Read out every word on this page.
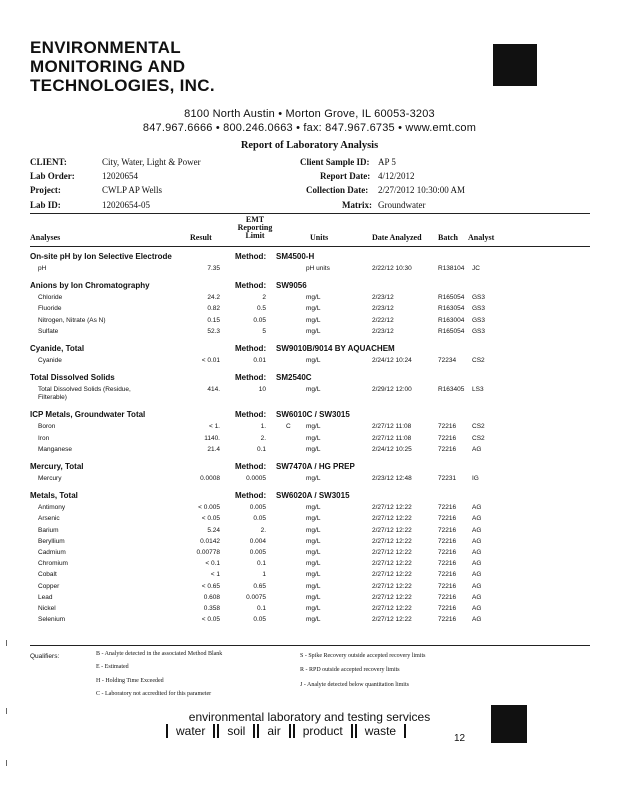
ENVIRONMENTAL
MONITORING AND
TECHNOLOGIES, INC.
8100 North Austin • Morton Grove, IL 60053-3203
847.967.6666 • 800.246.0663 • fax: 847.967.6735 • www.emt.com
Report of Laboratory Analysis
CLIENT:	City, Water, Light & Power
Lab Order:	12020654
Project:	CWLP AP Wells
Lab ID:	12020654-05
Client Sample ID: AP 5
Report Date: 4/12/2012
Collection Date: 2/27/2012 10:30:00 AM
Matrix: Groundwater
Analyses	Result
EMT
Reporting
Limit	Units	Date Analyzed Batch Analyst
On-site pH by Ion Selective Electrode	Method: SM4500-H
pH	7.35	pH units	2/22/12 10:30	R138104 JC
Anions by Ion Chromatography	Method: SW9056
Chloride	24.2	2	mg/L	2/23/12	R165054 GS3
Fluoride	0.82	0.5	mg/L	2/23/12	R163054 GS3
Nitrogen, Nitrate (As N)	0.15	0.05	mg/L	2/22/12	R163004 GS3
Sulfate	52.3	5	mg/L	2/23/12	R165054 GS3
Cyanide, Total	Method: SW9010B/9014 BY AQUACHEM
Cyanide	< 0.01	0.01	mg/L	2/24/12 10:24	72234 CS2
Total Dissolved Solids	Method: SM2540C
Total Dissolved Solids (Residue,	414.	10	mg/L	2/29/12 12:00	R163405 LS3
Filterable)
ICP Metals, Groundwater Total	Method: SW6010C / SW3015
Boron	< 1.	1.	C mg/L	2/27/12 11:08	72216 CS2
Iron	1140.	2.	mg/L	2/27/12 11:08	72216 CS2
Manganese	21.4	0.1	mg/L	2/24/12 10:25	72216 AG
Mercury, Total	Method: SW7470A / HG PREP
Mercury	0.0008	0.0005	mg/L	2/23/12 12:48	72231 IG
Metals, Total	Method: SW6020A / SW3015
Antimony	< 0.005	0.005	mg/L	2/27/12 12:22	72216 AG
Arsenic	< 0.05	0.05	mg/L	2/27/12 12:22	72216 AG
Barium	5.24	2.	mg/L	2/27/12 12:22	72216 AG
Beryllium	0.0142	0.004	mg/L	2/27/12 12:22	72216 AG
Cadmium	0.00778	0.005	mg/L	2/27/12 12:22	72216 AG
Chromium	< 0.1	0.1	mg/L	2/27/12 12:22	72216 AG
Cobalt	< 1	1	mg/L	2/27/12 12:22	72216 AG
Copper	< 0.65	0.65	mg/L	2/27/12 12:22	72216 AG
Lead	0.608	0.0075	mg/L	2/27/12 12:22	72216 AG
Nickel	0.358	0.1	mg/L	2/27/12 12:22	72216 AG
Selenium	< 0.05	0.05	mg/L	2/27/12 12:22	72216 AG
Qualifiers:	B - Analyte detected in the associated Method Blank
E - Estimated
H - Holding Time Exceeded
C - Laboratory not accredited for this parameter
S - Spike Recovery outside accepted recovery limits
R - RPD outside accepted recovery limits
J - Analyte detected below quantitation limits
environmental laboratory and testing services
water soil air product waste
12
